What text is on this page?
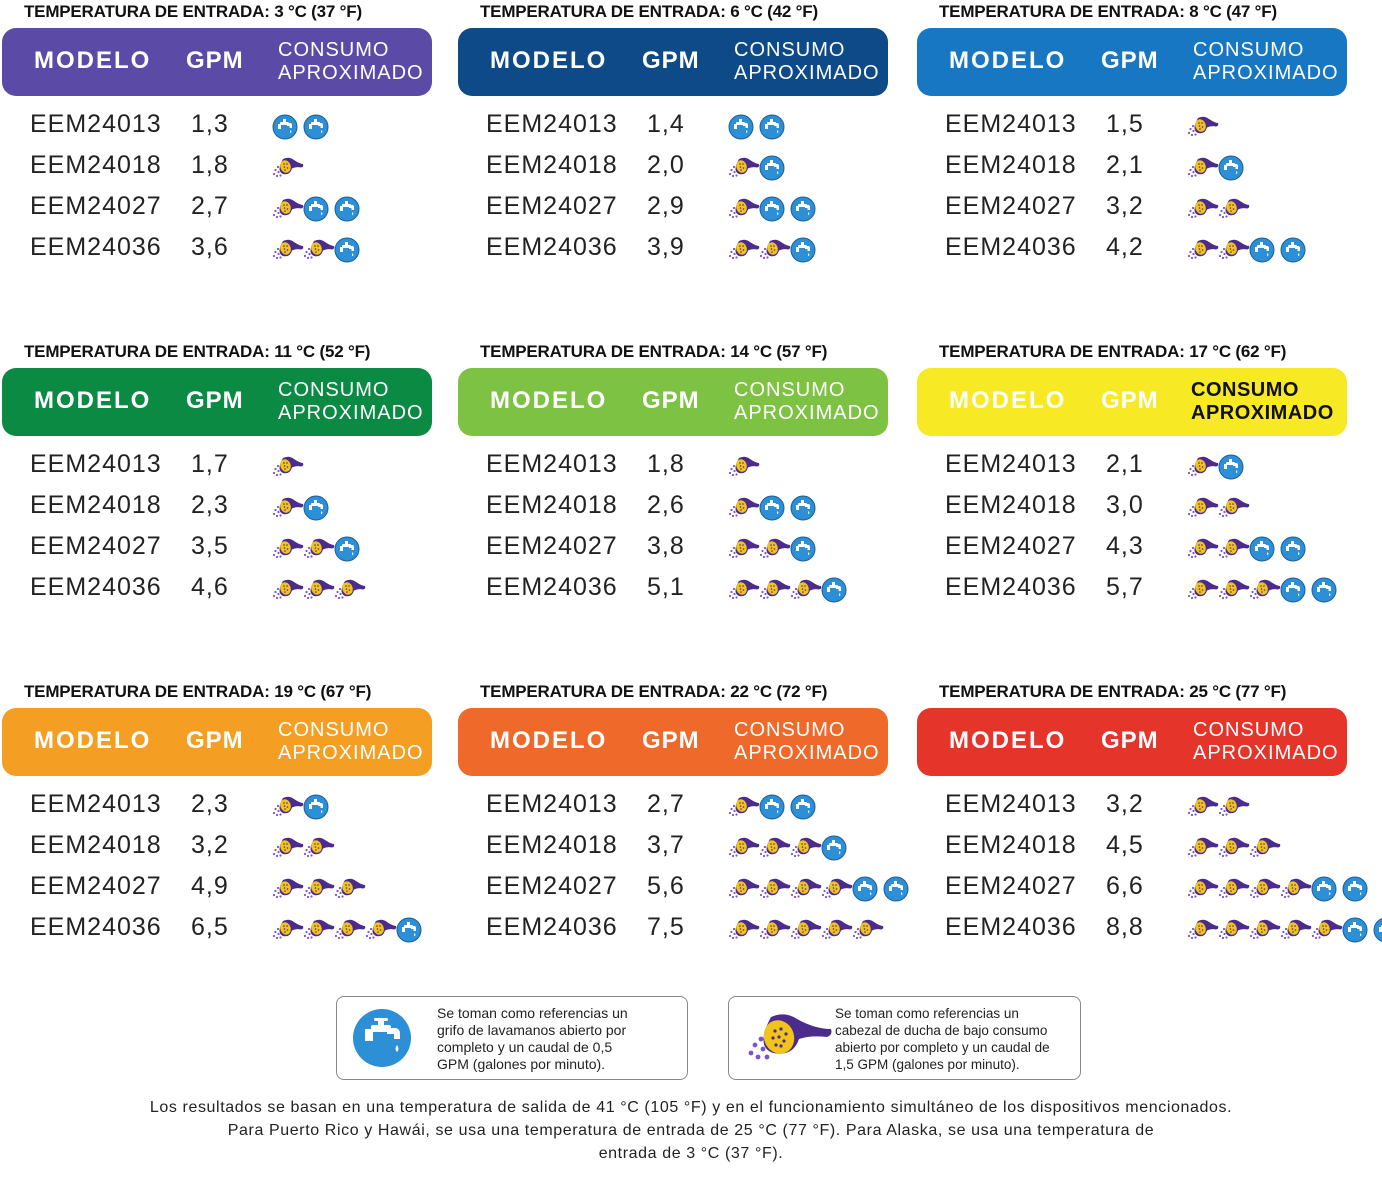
TEMPERATURA DE ENTRADA: 3 °C (37 °F)
MODELO GPM CONSUMO
APROXIMADO
EEM24013 1,3
EEM24018 1,8
EEM24027 2,7
EEM24036 3,6
TEMPERATURA DE ENTRADA: 6 °C (42 °F)
MODELO GPM CONSUMO
APROXIMADO
EEM24013 1,4
EEM24018 2,0
EEM24027 2,9
EEM24036 3,9
TEMPERATURA DE ENTRADA: 8 °C (47 °F)
MODELO GPM CONSUMO
APROXIMADO
EEM24013 1,5
EEM24018 2,1
EEM24027 3,2
EEM24036 4,2
TEMPERATURA DE ENTRADA: 11 °C (52 °F)
MODELO GPM CONSUMO
APROXIMADO
EEM24013 1,7
EEM24018 2,3
EEM24027 3,5
EEM24036 4,6
TEMPERATURA DE ENTRADA: 14 °C (57 °F)
MODELO GPM CONSUMO
APROXIMADO
EEM24013 1,8
EEM24018 2,6
EEM24027 3,8
EEM24036 5,1
TEMPERATURA DE ENTRADA: 17 °C (62 °F)
MODELO GPM CONSUMO
APROXIMADO
EEM24013 2,1
EEM24018 3,0
EEM24027 4,3
EEM24036 5,7
TEMPERATURA DE ENTRADA: 19 °C (67 °F)
MODELO GPM CONSUMO
APROXIMADO
EEM24013 2,3
EEM24018 3,2
EEM24027 4,9
EEM24036 6,5
TEMPERATURA DE ENTRADA: 22 °C (72 °F)
MODELO GPM CONSUMO
APROXIMADO
EEM24013 2,7
EEM24018 3,7
EEM24027 5,6
EEM24036 7,5
TEMPERATURA DE ENTRADA: 25 °C (77 °F)
MODELO GPM CONSUMO
APROXIMADO
EEM24013 3,2
EEM24018 4,5
EEM24027 6,6
EEM24036 8,8
Se toman como referencias un
grifo de lavamanos abierto por
completo y un caudal de 0,5
GPM (galones por minuto).
Se toman como referencias un
cabezal de ducha de bajo consumo
abierto por completo y un caudal de
1,5 GPM (galones por minuto).
Los resultados se basan en una temperatura de salida de 41 °C (105 °F) y en el funcionamiento simultáneo de los dispositivos mencionados.
Para Puerto Rico y Hawái, se usa una temperatura de entrada de 25 °C (77 °F). Para Alaska, se usa una temperatura de
entrada de 3 °C (37 °F).
